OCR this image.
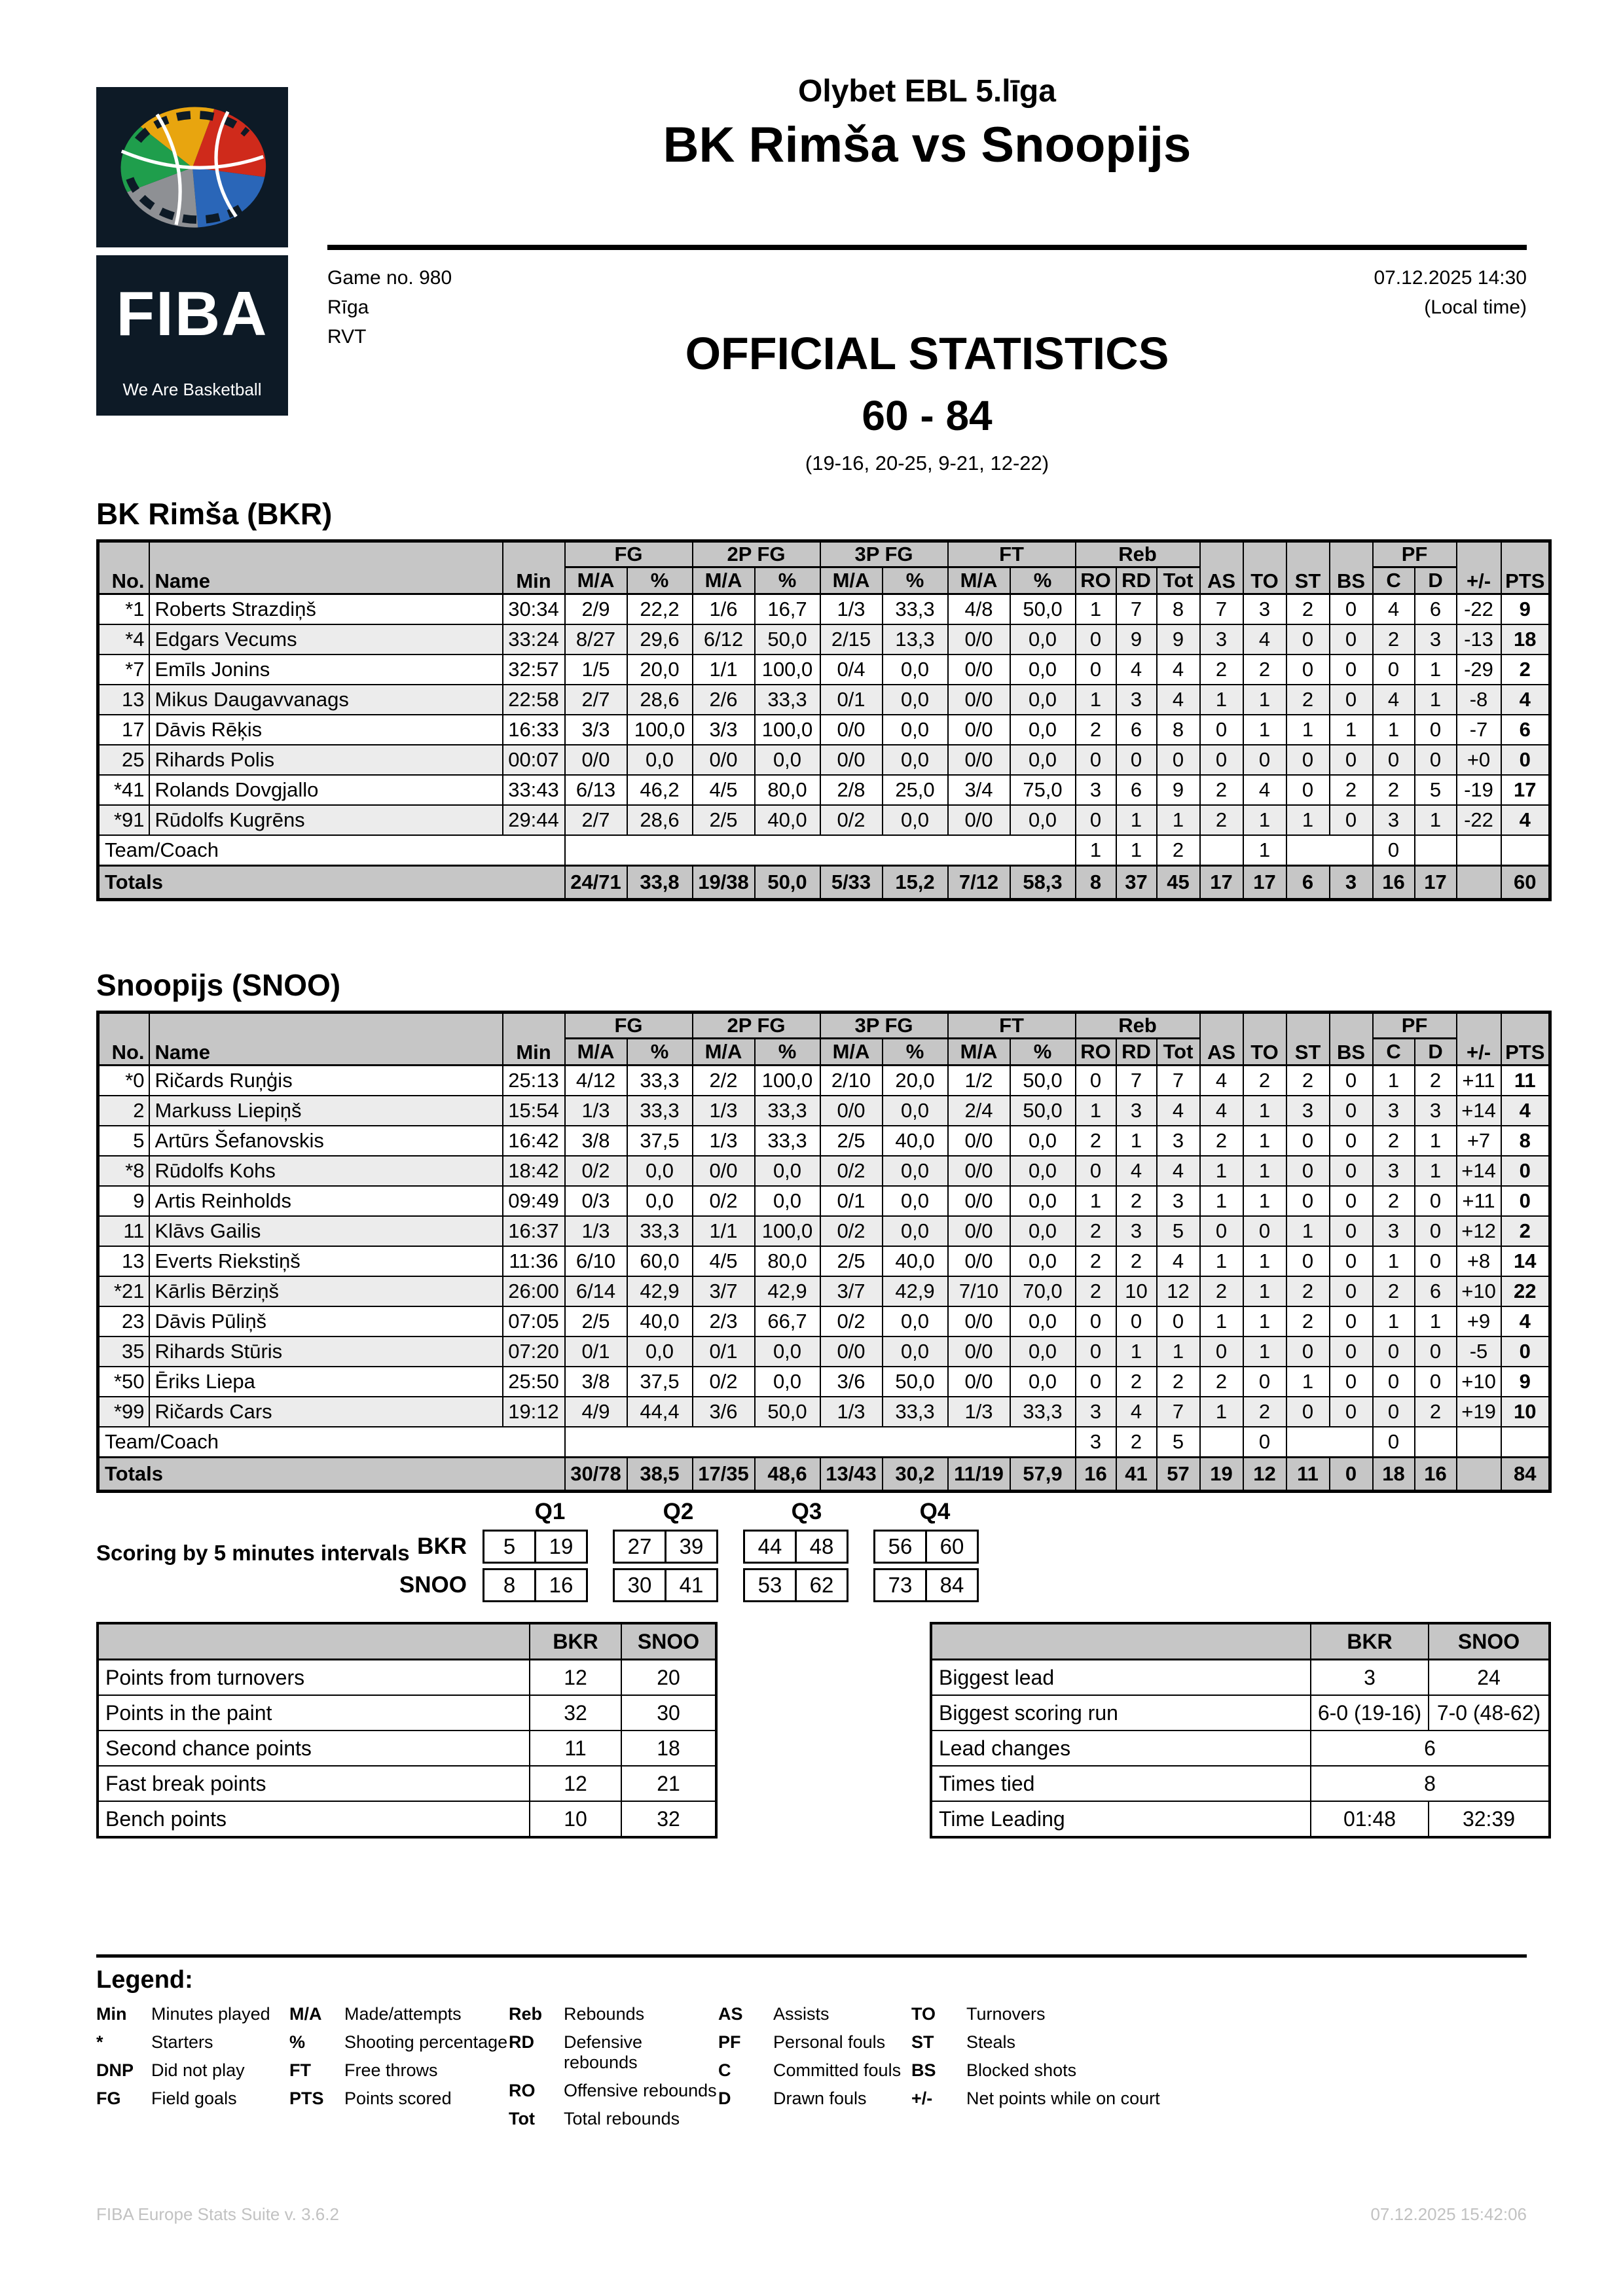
FIBA
We Are Basketball
Olybet EBL 5.līga
BK Rimša vs Snoopijs
Game no. 980
Rīga
RVT
07.12.2025 14:30
(Local time)
OFFICIAL STATISTICS
60 - 84
(19-16, 20-25, 9-21, 12-22)
BK Rimša (BKR)
No.	Name	Min	FG		2P FG		3P FG		FT		Reb			AS	TO	ST	BS	PF		+/-	PTS
			M/A	%	M/A	%	M/A	%	M/A	%	RO	RD	Tot					C	D		
*1	Roberts Strazdiņš	30:34	2/9	22,2	1/6	16,7	1/3	33,3	4/8	50,0	1	7	8	7	3	2	0	4	6	-22	9
*4	Edgars Vecums	33:24	8/27	29,6	6/12	50,0	2/15	13,3	0/0	0,0	0	9	9	3	4	0	0	2	3	-13	18
*7	Emīls Jonins	32:57	1/5	20,0	1/1	100,0	0/4	0,0	0/0	0,0	0	4	4	2	2	0	0	0	1	-29	2
13	Mikus Daugavvanags	22:58	2/7	28,6	2/6	33,3	0/1	0,0	0/0	0,0	1	3	4	1	1	2	0	4	1	-8	4
17	Dāvis Rēķis	16:33	3/3	100,0	3/3	100,0	0/0	0,0	0/0	0,0	2	6	8	0	1	1	1	1	0	-7	6
25	Rihards Polis	00:07	0/0	0,0	0/0	0,0	0/0	0,0	0/0	0,0	0	0	0	0	0	0	0	0	0	+0	0
*41	Rolands Dovgjallo	33:43	6/13	46,2	4/5	80,0	2/8	25,0	3/4	75,0	3	6	9	2	4	0	2	2	5	-19	17
*91	Rūdolfs Kugrēns	29:44	2/7	28,6	2/5	40,0	0/2	0,0	0/0	0,0	0	1	1	2	1	1	0	3	1	-22	4
Team/Coach											1	1	2		1			0			
Totals			24/71	33,8	19/38	50,0	5/33	15,2	7/12	58,3	8	37	45	17	17	6	3	16	17		60
Snoopijs (SNOO)
No.	Name	Min	FG		2P FG		3P FG		FT		Reb			AS	TO	ST	BS	PF		+/-	PTS
			M/A	%	M/A	%	M/A	%	M/A	%	RO	RD	Tot					C	D		
*0	Ričards Ruņģis	25:13	4/12	33,3	2/2	100,0	2/10	20,0	1/2	50,0	0	7	7	4	2	2	0	1	2	+11	11
2	Markuss Liepiņš	15:54	1/3	33,3	1/3	33,3	0/0	0,0	2/4	50,0	1	3	4	4	1	3	0	3	3	+14	4
5	Artūrs Šefanovskis	16:42	3/8	37,5	1/3	33,3	2/5	40,0	0/0	0,0	2	1	3	2	1	0	0	2	1	+7	8
*8	Rūdolfs Kohs	18:42	0/2	0,0	0/0	0,0	0/2	0,0	0/0	0,0	0	4	4	1	1	0	0	3	1	+14	0
9	Artis Reinholds	09:49	0/3	0,0	0/2	0,0	0/1	0,0	0/0	0,0	1	2	3	1	1	0	0	2	0	+11	0
11	Klāvs Gailis	16:37	1/3	33,3	1/1	100,0	0/2	0,0	0/0	0,0	2	3	5	0	0	1	0	3	0	+12	2
13	Everts Riekstiņš	11:36	6/10	60,0	4/5	80,0	2/5	40,0	0/0	0,0	2	2	4	1	1	0	0	1	0	+8	14
*21	Kārlis Bērziņš	26:00	6/14	42,9	3/7	42,9	3/7	42,9	7/10	70,0	2	10	12	2	1	2	0	2	6	+10	22
23	Dāvis Pūliņš	07:05	2/5	40,0	2/3	66,7	0/2	0,0	0/0	0,0	0	0	0	1	1	2	0	1	1	+9	4
35	Rihards Stūris	07:20	0/1	0,0	0/1	0,0	0/0	0,0	0/0	0,0	0	1	1	0	1	0	0	0	0	-5	0
*50	Ēriks Liepa	25:50	3/8	37,5	0/2	0,0	3/6	50,0	0/0	0,0	0	2	2	2	0	1	0	0	0	+10	9
*99	Ričards Cars	19:12	4/9	44,4	3/6	50,0	1/3	33,3	1/3	33,3	3	4	7	1	2	0	0	0	2	+19	10
Team/Coach											3	2	5		0			0			
Totals			30/78	38,5	17/35	48,6	13/43	30,2	11/19	57,9	16	41	57	19	12	11	0	18	16		84
Scoring by 5 minutes intervals
Q1	Q2	Q3	Q4
BKR	5	19	27	39	44	48	56	60
SNOO	8	16	30	41	53	62	73	84
	BKR	SNOO
Points from turnovers	12	20
Points in the paint	32	30
Second chance points	11	18
Fast break points	12	21
Bench points	10	32
	BKR	SNOO
Biggest lead	3	24
Biggest scoring run	6-0 (19-16)	7-0 (48-62)
Lead changes	6	
Times tied	8	
Time Leading	01:48	32:39
Legend:
Min	Minutes played
*	Starters
DNP Did not play
FG	Field goals
M/A	Made/attempts
%	Shooting percentage
FT	Free throws
PTS	Points scored
Reb	Rebounds
RD	Defensive rebounds
RO	Offensive rebounds
Tot	Total rebounds
AS	Assists
PF	Personal fouls
C	Committed fouls
D	Drawn fouls
TO	Turnovers
ST	Steals
BS	Blocked shots
+/-	Net points while on court
FIBA Europe Stats Suite v. 3.6.2	07.12.2025 15:42:06
